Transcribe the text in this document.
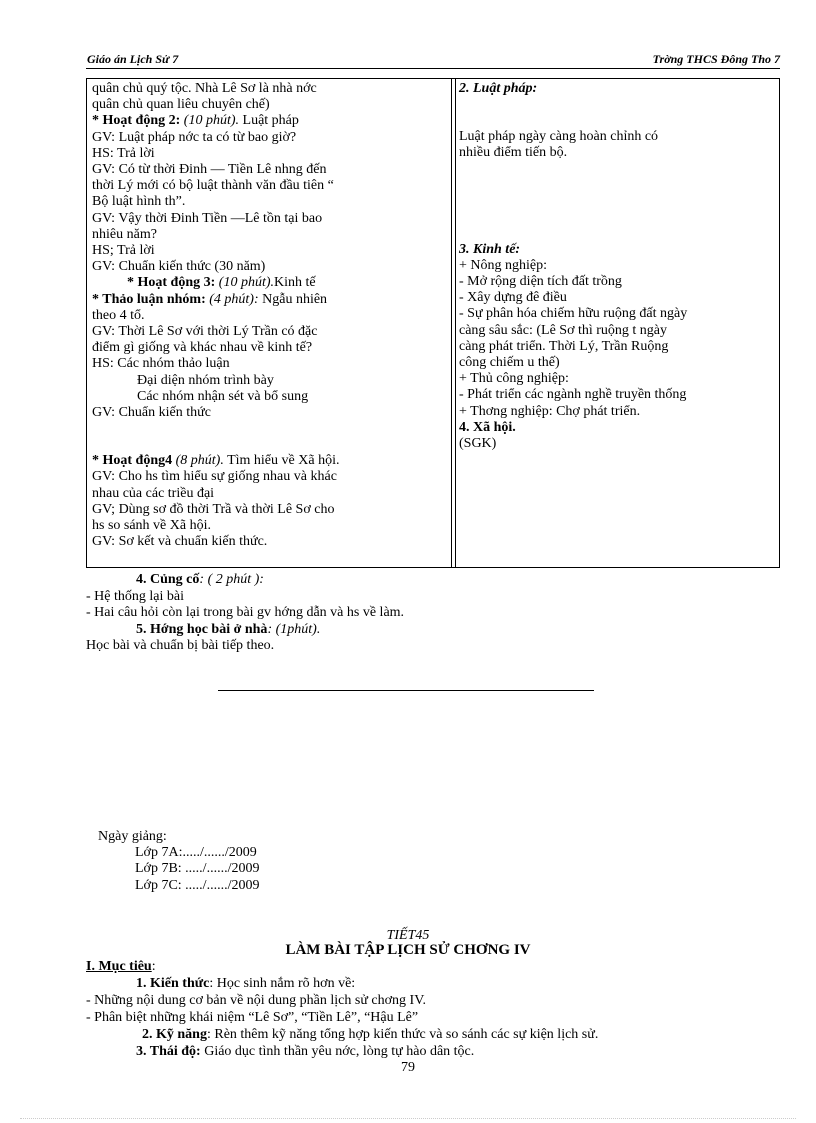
Giáo án Lịch Sử 7	Trờng THCS Đông Tho 7

quân chủ quý tộc. Nhà Lê Sơ là nhà nớc

quân chủ quan liêu chuyên chế)

* Hoạt động 2: (10 phút). Luật pháp

GV: Luật pháp nớc ta có từ bao giờ?

HS: Trả lời

GV: Có từ thời Đinh — Tiền Lê nhng đến

thời Lý mới có bộ luật thành văn đầu tiên “

Bộ luật hình th”.

GV: Vậy thời Đinh Tiền —Lê tồn tại bao

nhiêu năm?

HS; Trả lời

GV: Chuẩn kiến thức (30 năm)

* Hoạt động 3: (10 phút).Kinh tế

* Thảo luận nhóm: (4 phút): Ngẫu nhiên

theo 4 tổ.

GV: Thời Lê Sơ với thời Lý Trần có đặc

điểm gì giống và khác nhau về kinh tế?

HS: Các nhóm thảo luận

Đại diện nhóm trình bày

Các nhóm nhận sét và bổ sung

GV: Chuẩn kiến thức

* Hoạt động4 (8 phút). Tìm hiểu về Xã hội.

GV: Cho hs tìm hiểu sự giống nhau và khác

nhau của các triều đại

GV; Dùng sơ đồ thời Trầ và thời Lê Sơ cho

hs so sánh về Xã hội.

GV: Sơ kết và chuẩn kiến thức.

2. Luật pháp:

Luật pháp ngày càng hoàn chỉnh có

nhiều điểm tiến bộ.

3. Kinh tế:

+ Nông nghiệp:

- Mở rộng diện tích đất trồng

- Xây dựng đê điều

- Sự phân hóa chiếm hữu ruộng đất ngày

càng sâu sắc: (Lê Sơ thì ruộng t ngày

càng phát triển. Thời Lý, Trần Ruộng

công chiếm u thế)

+ Thủ công nghiệp:

- Phát triển các ngành nghề truyền thống

+ Thơng nghiệp: Chợ phát triển.

4. Xã hội.

(SGK)

4. Củng cố: ( 2 phút ):

- Hệ thống lại bài

- Hai câu hỏi còn lại trong bài gv hớng dẫn và hs về làm.

5. Hớng học bài ở nhà: (1phút).

Học bài và chuẩn bị bài tiếp theo.

Ngày giảng:

Lớp 7A:...../....../2009

Lớp 7B: ...../....../2009

Lớp 7C: ...../....../2009

TIẾT45
LÀM BÀI TẬP LỊCH SỬ CHƠNG IV

I. Mục tiêu:

1. Kiến thức: Học sinh nắm rõ hơn về:

- Những nội dung cơ bản về nội dung phần lịch sử chơng IV.

- Phân biệt những khái niệm “Lê Sơ”, “Tiền Lê”, “Hậu Lê”

2. Kỹ năng: Rèn thêm kỹ năng tổng hợp kiến thức và so sánh các sự kiện lịch sử.

3. Thái độ: Giáo dục tình thần yêu nớc, lòng tự hào dân tộc.

79
